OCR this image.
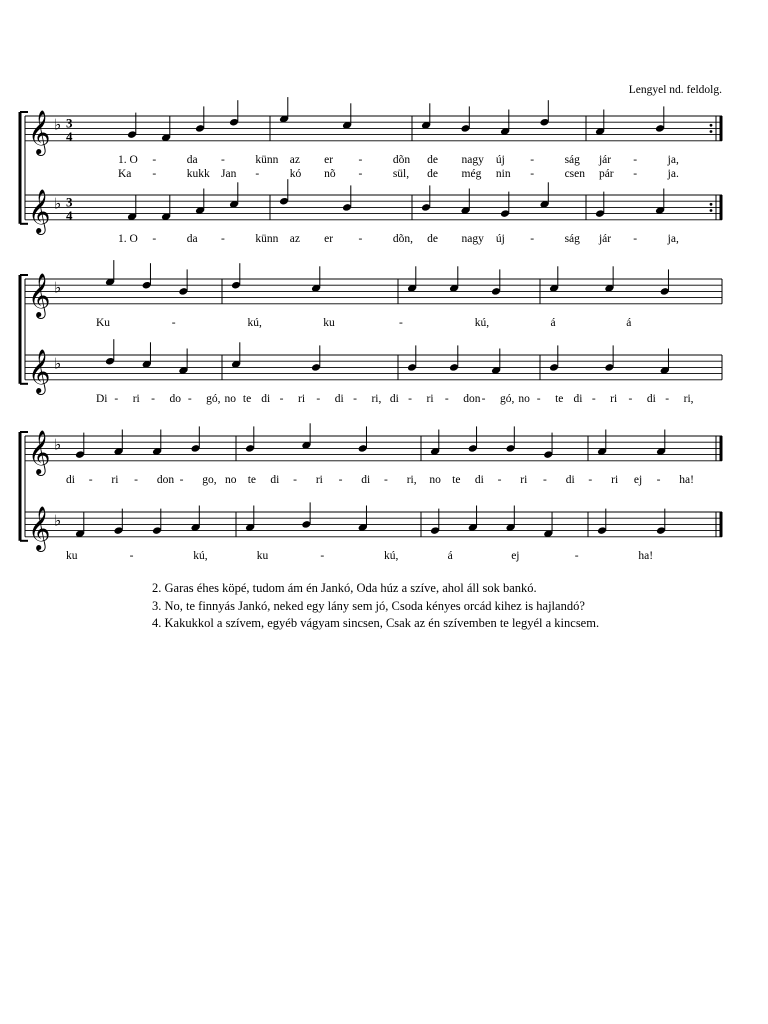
𝄞 ♭ 3
4
𝄞 ♭ 3
4
𝄞 ♭
𝄞 ♭
𝄞 ♭
𝄞 ♭
1. O -	da -	künn az er -	dõn de nagy új -	ság jár -	ja,
Ka -	kukk Jan -	kó nõ -	sül, de még nin -	csen pár -	ja.
1. O -	da -	künn az er -	dõn, de nagy új -	ság jár -	ja,
Ku	-	kú,	ku	-	kú,	á	á
Di - ri - do - gó, no te di - ri - di - ri, di - ri - don - gó, no - te di - ri - di - ri,
di - ri - don - go, no te di - ri - di - ri, no te di - ri - di - ri ej - ha!
ku	-	kú,	ku	-	kú,	á	ej	-	ha!
Lengyel nd. feldolg.
2. Garas éhes köpé, tudom ám én Jankó, Oda húz a szíve, ahol áll sok bankó.
3. No, te finnyás Jankó, neked egy lány sem jó, Csoda kényes orcád kihez is hajlandó?
4. Kakukkol a szívem, egyéb vágyam sincsen, Csak az én szívemben te legyél a kincsem.
